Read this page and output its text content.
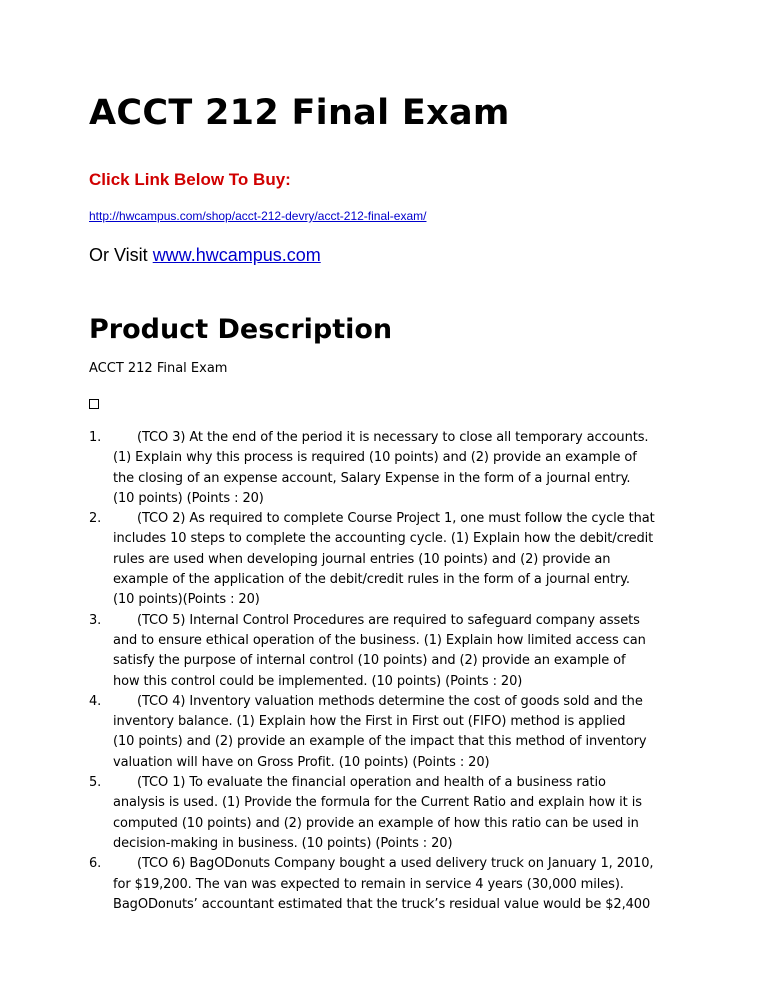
ACCT 212 Final Exam
Click Link Below To Buy:
http://hwcampus.com/shop/acct-212-devry/acct-212-final-exam/
Or Visit www.hwcampus.com
Product Description
ACCT 212 Final Exam
1.	(TCO 3) At the end of the period it is necessary to close all temporary accounts.
(1) Explain why this process is required (10 points) and (2) provide an example of
the closing of an expense account, Salary Expense in the form of a journal entry.
(10 points) (Points : 20)
2.	(TCO 2) As required to complete Course Project 1, one must follow the cycle that
includes 10 steps to complete the accounting cycle. (1) Explain how the debit/credit
rules are used when developing journal entries (10 points) and (2) provide an
example of the application of the debit/credit rules in the form of a journal entry.
(10 points)(Points : 20)
3.	(TCO 5) Internal Control Procedures are required to safeguard company assets
and to ensure ethical operation of the business. (1) Explain how limited access can
satisfy the purpose of internal control (10 points) and (2) provide an example of
how this control could be implemented. (10 points) (Points : 20)
4.	(TCO 4) Inventory valuation methods determine the cost of goods sold and the
inventory balance. (1) Explain how the First in First out (FIFO) method is applied
(10 points) and (2) provide an example of the impact that this method of inventory
valuation will have on Gross Profit. (10 points) (Points : 20)
5.	(TCO 1) To evaluate the financial operation and health of a business ratio
analysis is used. (1) Provide the formula for the Current Ratio and explain how it is
computed (10 points) and (2) provide an example of how this ratio can be used in
decision-making in business. (10 points) (Points : 20)
6.	(TCO 6) BagODonuts Company bought a used delivery truck on January 1, 2010,
for $19,200. The van was expected to remain in service 4 years (30,000 miles).
BagODonuts’ accountant estimated that the truck’s residual value would be $2,400
